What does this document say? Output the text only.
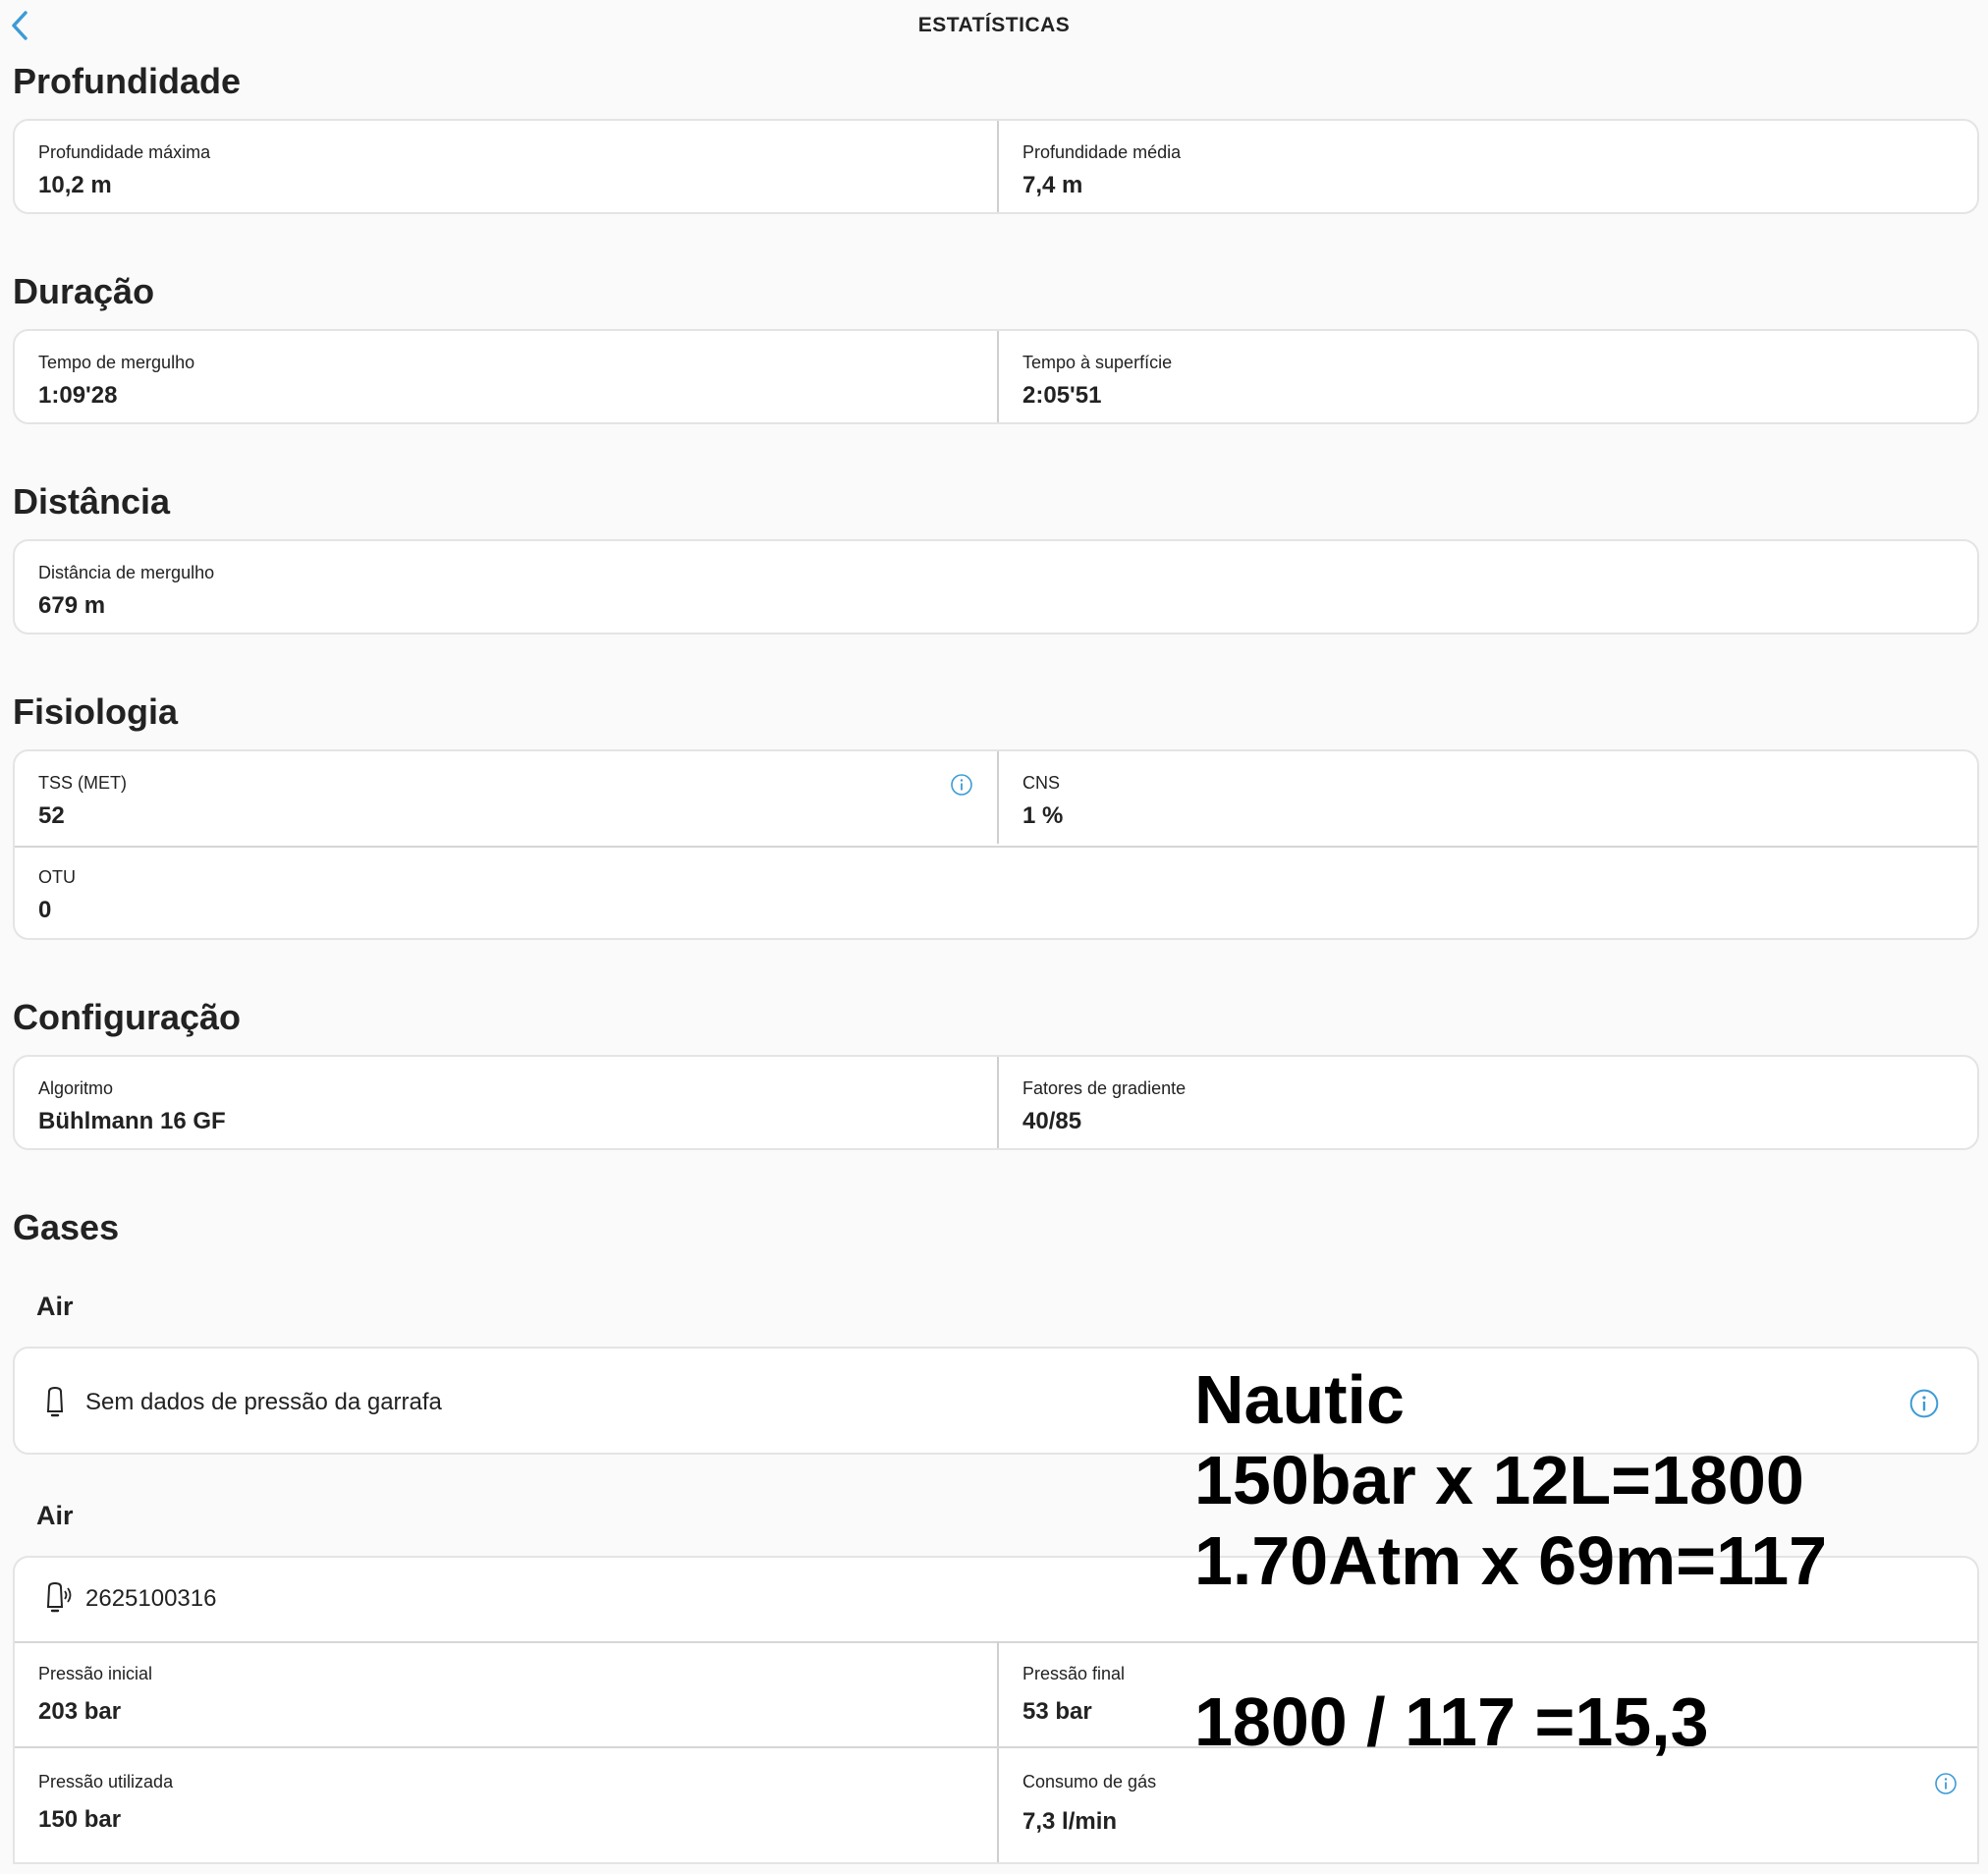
ESTATÍSTICAS
Profundidade
Profundidade máxima
10,2 m
Profundidade média
7,4 m
Duração
Tempo de mergulho
1:09'28
Tempo à superfície
2:05'51
Distância
Distância de mergulho
679 m
Fisiologia
TSS (MET)
52
CNS
1 %
OTU
0
Configuração
Algoritmo
Bühlmann 16 GF
Fatores de gradiente
40/85
Gases
Air
Sem dados de pressão da garrafa
Air
2625100316
Pressão inicial
203 bar
Pressão final
53 bar
Pressão utilizada
150 bar
Consumo de gás
7,3 l/min
Nautic
150bar x 12L=1800
1.70Atm x 69m=117
1800 / 117 =15,3
